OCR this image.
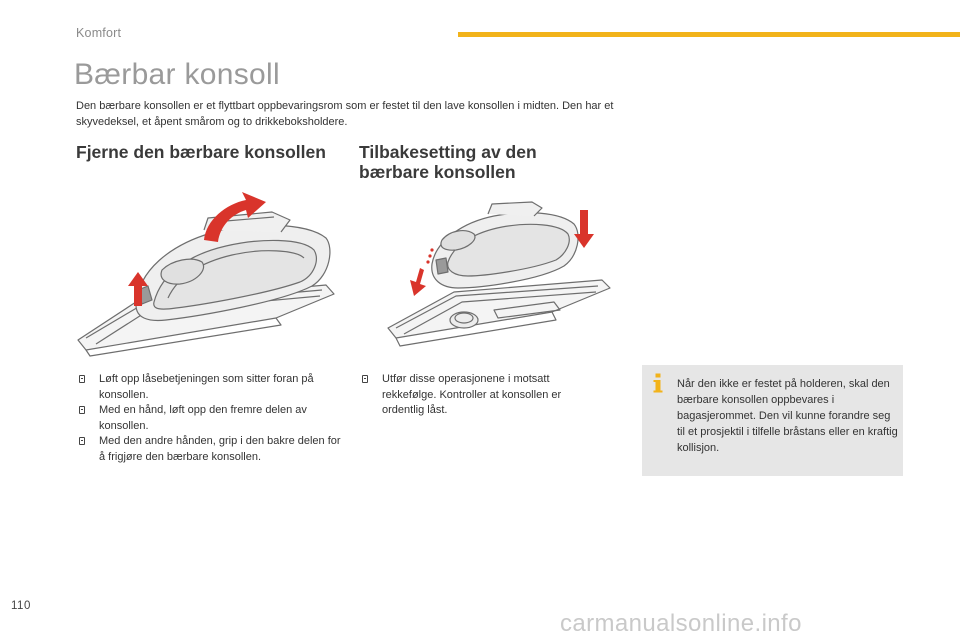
Komfort
Bærbar konsoll
Den bærbare konsollen er et flyttbart oppbevaringsrom som er festet til den lave konsollen i midten. Den har et skyvedeksel, et åpent smårom og to drikkeboksholdere.
Fjerne den bærbare konsollen Tilbakesetting av den bærbare konsollen
Løft opp låsebetjeningen som sitter foran på konsollen.
Med en hånd, løft opp den fremre delen av konsollen.
Med den andre hånden, grip i den bakre delen for å frigjøre den bærbare konsollen.
Utfør disse operasjonene i motsatt rekkefølge. Kontroller at konsollen er ordentlig låst.
Når den ikke er festet på holderen, skal den bærbare konsollen oppbevares i bagasjerommet. Den vil kunne forandre seg til et prosjektil i tilfelle bråstans eller en kraftig kollisjon.
110
carmanualsonline.info
